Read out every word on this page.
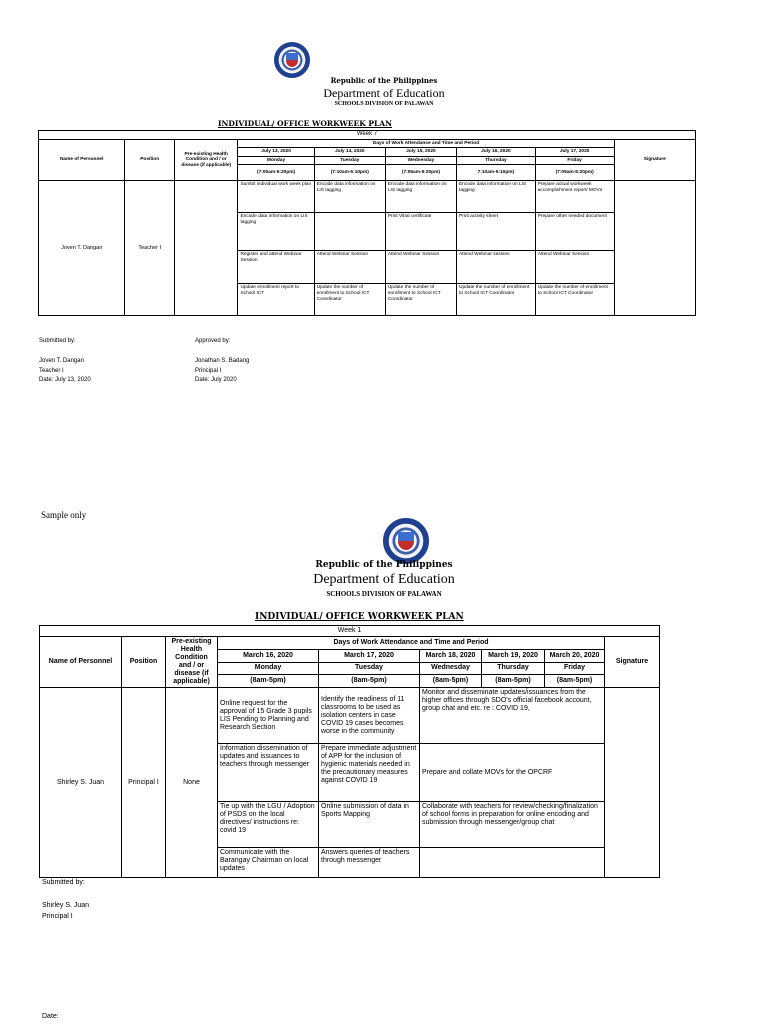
Republic of the Philippines
Department of Education
SCHOOLS DIVISION OF PALAWAN
INDIVIDUAL/ OFFICE WORKWEEK PLAN
Week 7								
Name of Personnel	Position	Pre-existing Health Condition and / or disease (if applicable)	Days of Work Attendance and Time and Period					Signature
			July 13, 2020	July 14, 2020	July 15, 2020	July 16, 2020	July 17, 2020	
			Monday	Tuesday	Wednesday	Thursday	Friday	
			(7:00am-5:20pm)	(7:10am-5:10pm)	(7:05am-5:20pm)	7:10am-5:10pm)	(7:05am-5:20pm)	
Joven T. Dangan	Teacher I		Sumbit individual work week plan	Encode data information on LIS tagging	Encode data information on LIS tagging	Encode data information on LIS tagging	Prepare actual workweek accomplishment report/ MOVs	
			Encode data information on LIS tagging		Print Vibal certificate	Print activity sheet	Prepare other needed document	
			Register and attend Webinar Session	Attend Webinar Session	Attend Webinar Session	Attend Webinar session	Attend Webinar Session	
			Update enrollment report to School ICT	Update the number of enrollment to School ICT Coordinator	Update the number of enrollment to School ICT Coordinator	Update the number of enrollment to School ICT Coordinator	Update the number of enrollment to School ICT Coordinator	
Submitted by:
Joven T. Dangan
Teacher I
Date: July 13, 2020
Approved by:
Jonathan S. Badang
Principal I
Date: July 2020
Sample only
Republic of the Philippines
Department of Education
SCHOOLS DIVISION OF PALAWAN
INDIVIDUAL/ OFFICE WORKWEEK PLAN
Week 1								
Name of Personnel	Position	Pre-existing Health Condition and / or disease (if applicable)	Days of Work Attendance and Time and Period					Signature
			March 16, 2020	March 17, 2020	March 18, 2020	March 19, 2020	March 20, 2020	
			Monday	Tuesday	Wednesday	Thursday	Friday	
			(8am-5pm)	(8am-5pm)	(8am-5pm)	(8am-5pm)	(8am-5pm)	
Shirley S. Juan	Principal I	None	Online request for the approval of 15 Grade 3 pupils LIS Pending to Planning and Research Section	Identify the readiness of 11 classrooms to be used as isolation centers in case COVID 19 cases becomes worse in the community	Monitor and disseminate updates/issuances from the higher offices through SDO's official facebook account, group chat and etc. re : COVID 19,			
			Information dissemination of updates and issuances to teachers through messenger	Prepare immediate adjustment of APP for the inclusion of hygienic materials needed in the precautionary measures against COVID 19	Prepare and collate MOVs for the OPCRF			
			Tie up with the LGU / Adoption of PSDS on the local directives/ instructions re: covid 19	Online submission of data in Sports Mapping	Collaborate with teachers for review/checking/finalization of school forms in preparation for online encoding and submission through messenger/group chat			
			Communicate with the Barangay Chairman on local updates	Answers queries of teachers through messenger				
Submitted by:
Shirley S. Juan
Principal I
Date:
